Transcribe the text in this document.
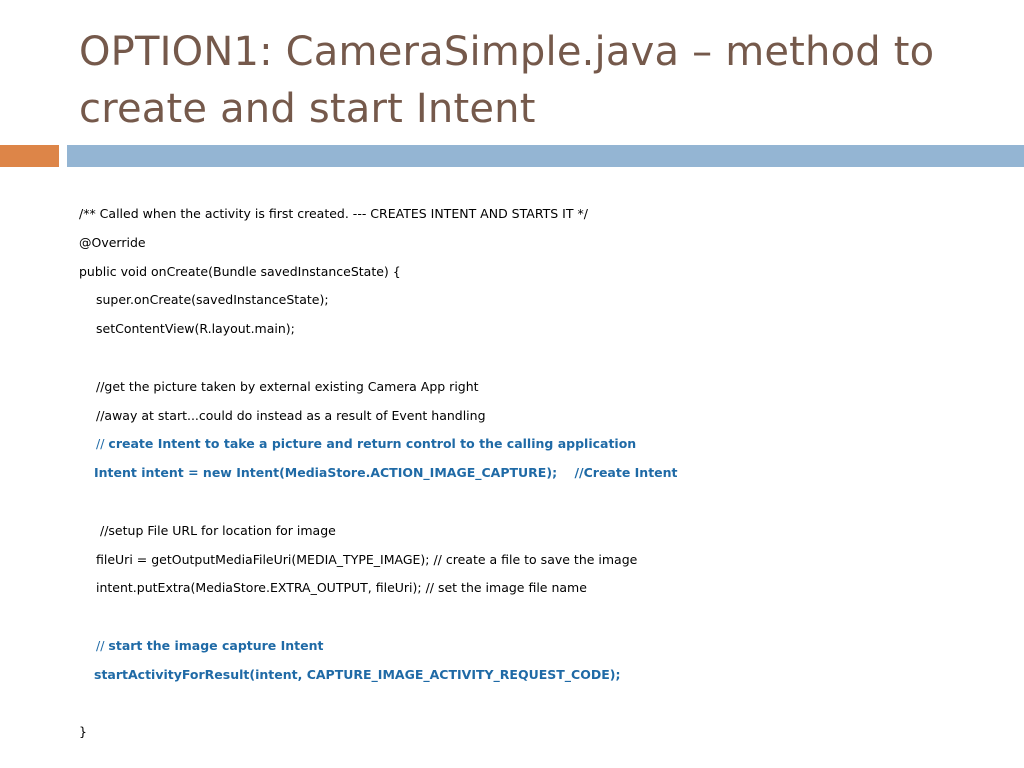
OPTION1: CameraSimple.java – method to
create and start Intent
/** Called when the activity is first created. --- CREATES INTENT AND STARTS IT */
@Override
public void onCreate(Bundle savedInstanceState) {
super.onCreate(savedInstanceState);
setContentView(R.layout.main);
//get the picture taken by external existing Camera App right
//away at start...could do instead as a result of Event handling
// create Intent to take a picture and return control to the calling application
Intent intent = new Intent(MediaStore.ACTION_IMAGE_CAPTURE);    //Create Intent
//setup File URL for location for image
fileUri = getOutputMediaFileUri(MEDIA_TYPE_IMAGE); // create a file to save the image
intent.putExtra(MediaStore.EXTRA_OUTPUT, fileUri); // set the image file name
// start the image capture Intent
startActivityForResult(intent, CAPTURE_IMAGE_ACTIVITY_REQUEST_CODE);
}
